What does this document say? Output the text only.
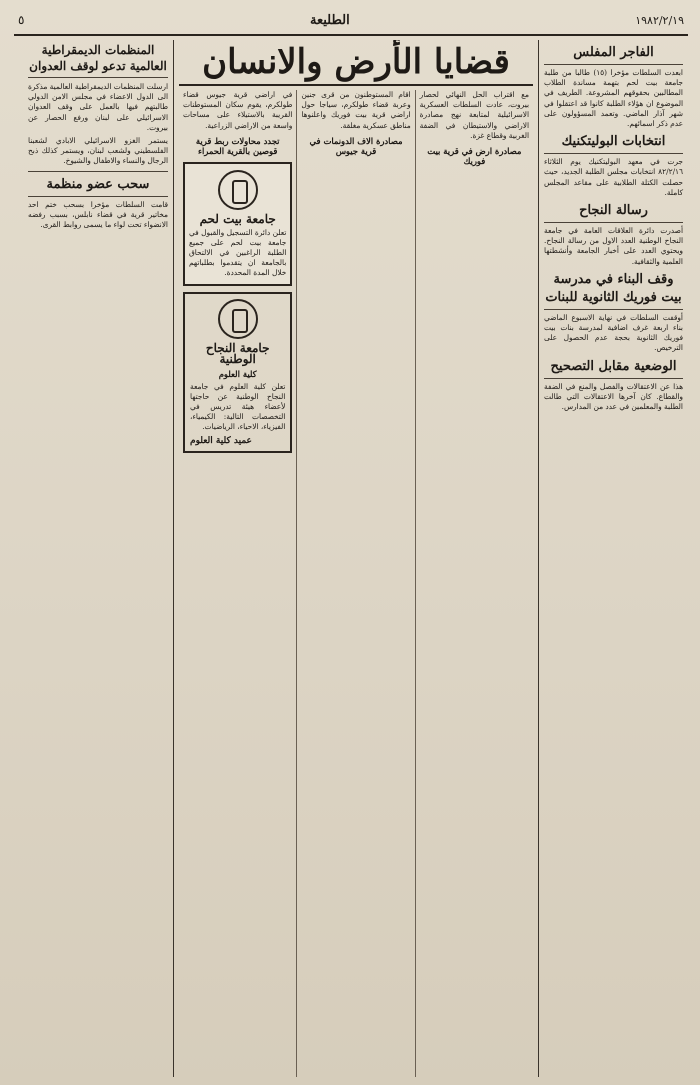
١٩٨٢/٢/١٩
الطليعة
٥
الفاجر المفلس

ابعدت السلطات مؤخرا (١٥) طالبا من طلبة جامعة بيت لحم بتهمة مساندة الطلاب المطالبين بحقوقهم المشروعة. الطريف في الموضوع ان هؤلاء الطلبة كانوا قد اعتقلوا في شهر آذار الماضي. وتعمد المسؤولون على عدم ذكر اسمائهم.

انتخابات البوليتكنيك

جرت في معهد البوليتكنيك يوم الثلاثاء ٨٢/٢/١٦ انتخابات مجلس الطلبة الجديد، حيث حصلت الكتلة الطلابية على مقاعد المجلس كاملة.

رسالة النجاح

أصدرت دائرة العلاقات العامة في جامعة النجاح الوطنية العدد الاول من رسالة النجاح. ويحتوي العدد على أخبار الجامعة وأنشطتها العلمية والثقافية.

وقف البناء في مدرسة بيت فوريك الثانوية للبنات

أوقفت السلطات في نهاية الاسبوع الماضي بناء اربعة غرف اضافية لمدرسة بنات بيت فوريك الثانوية بحجة عدم الحصول على الترخيص.

الوضعية مقابل التصحيح

هذا عن الاعتقالات والفصل والمنع في الضفة والقطاع. كان آخرها الاعتقالات التي طالت الطلبة والمعلمين في عدد من المدارس.

قضايا الأرض والانسان

مع اقتراب الحل النهائي لحصار بيروت، عادت السلطات العسكرية الاسرائيلية لمتابعة نهج مصادرة الاراضي والاستيطان في الضفة الغربية وقطاع غزة.

مصادرة ارض في قرية بيت فوريك

اقام المستوطنون من قرى جنين وعربة قضاء طولكرم، سياجا حول اراضي قرية بيت فوريك واعلنوها مناطق عسكرية مغلقة.

مصادرة الاف الدونمات في قرية جيوس

في اراضي قرية جيوس قضاء طولكرم، يقوم سكان المستوطنات القريبة بالاستيلاء على مساحات واسعة من الاراضي الزراعية.

تجدد محاولات ربط قرية قوصين بالقرية الحمراء
جامعة بيت لحم

تعلن دائرة التسجيل والقبول في جامعة بيت لحم على جميع الطلبة الراغبين في الالتحاق بالجامعة ان يتقدموا بطلباتهم خلال المدة المحددة.

جامعة النجاح الوطنية
كلية العلوم

تعلن كلية العلوم في جامعة النجاح الوطنية عن حاجتها لأعضاء هيئة تدريس في التخصصات التالية: الكيمياء، الفيزياء، الاحياء، الرياضيات.

عميد كلية العلوم
المنظمات الديمقراطية العالمية تدعو لوقف العدوان

ارسلت المنظمات الديمقراطية العالمية مذكرة الى الدول الاعضاء في مجلس الامن الدولي طالبتهم فيها بالعمل على وقف العدوان الاسرائيلي على لبنان ورفع الحصار عن بيروت.

يستمر الغزو الاسرائيلي الابادي لشعبنا الفلسطيني ولشعب لبنان، ويستمر كذلك ذبح الرجال والنساء والاطفال والشيوخ.

سحب عضو منظمة

قامت السلطات مؤخرا بسحب ختم احد مخاتير قرية في قضاء نابلس، بسبب رفضه الانضواء تحت لواء ما يسمى روابط القرى.
